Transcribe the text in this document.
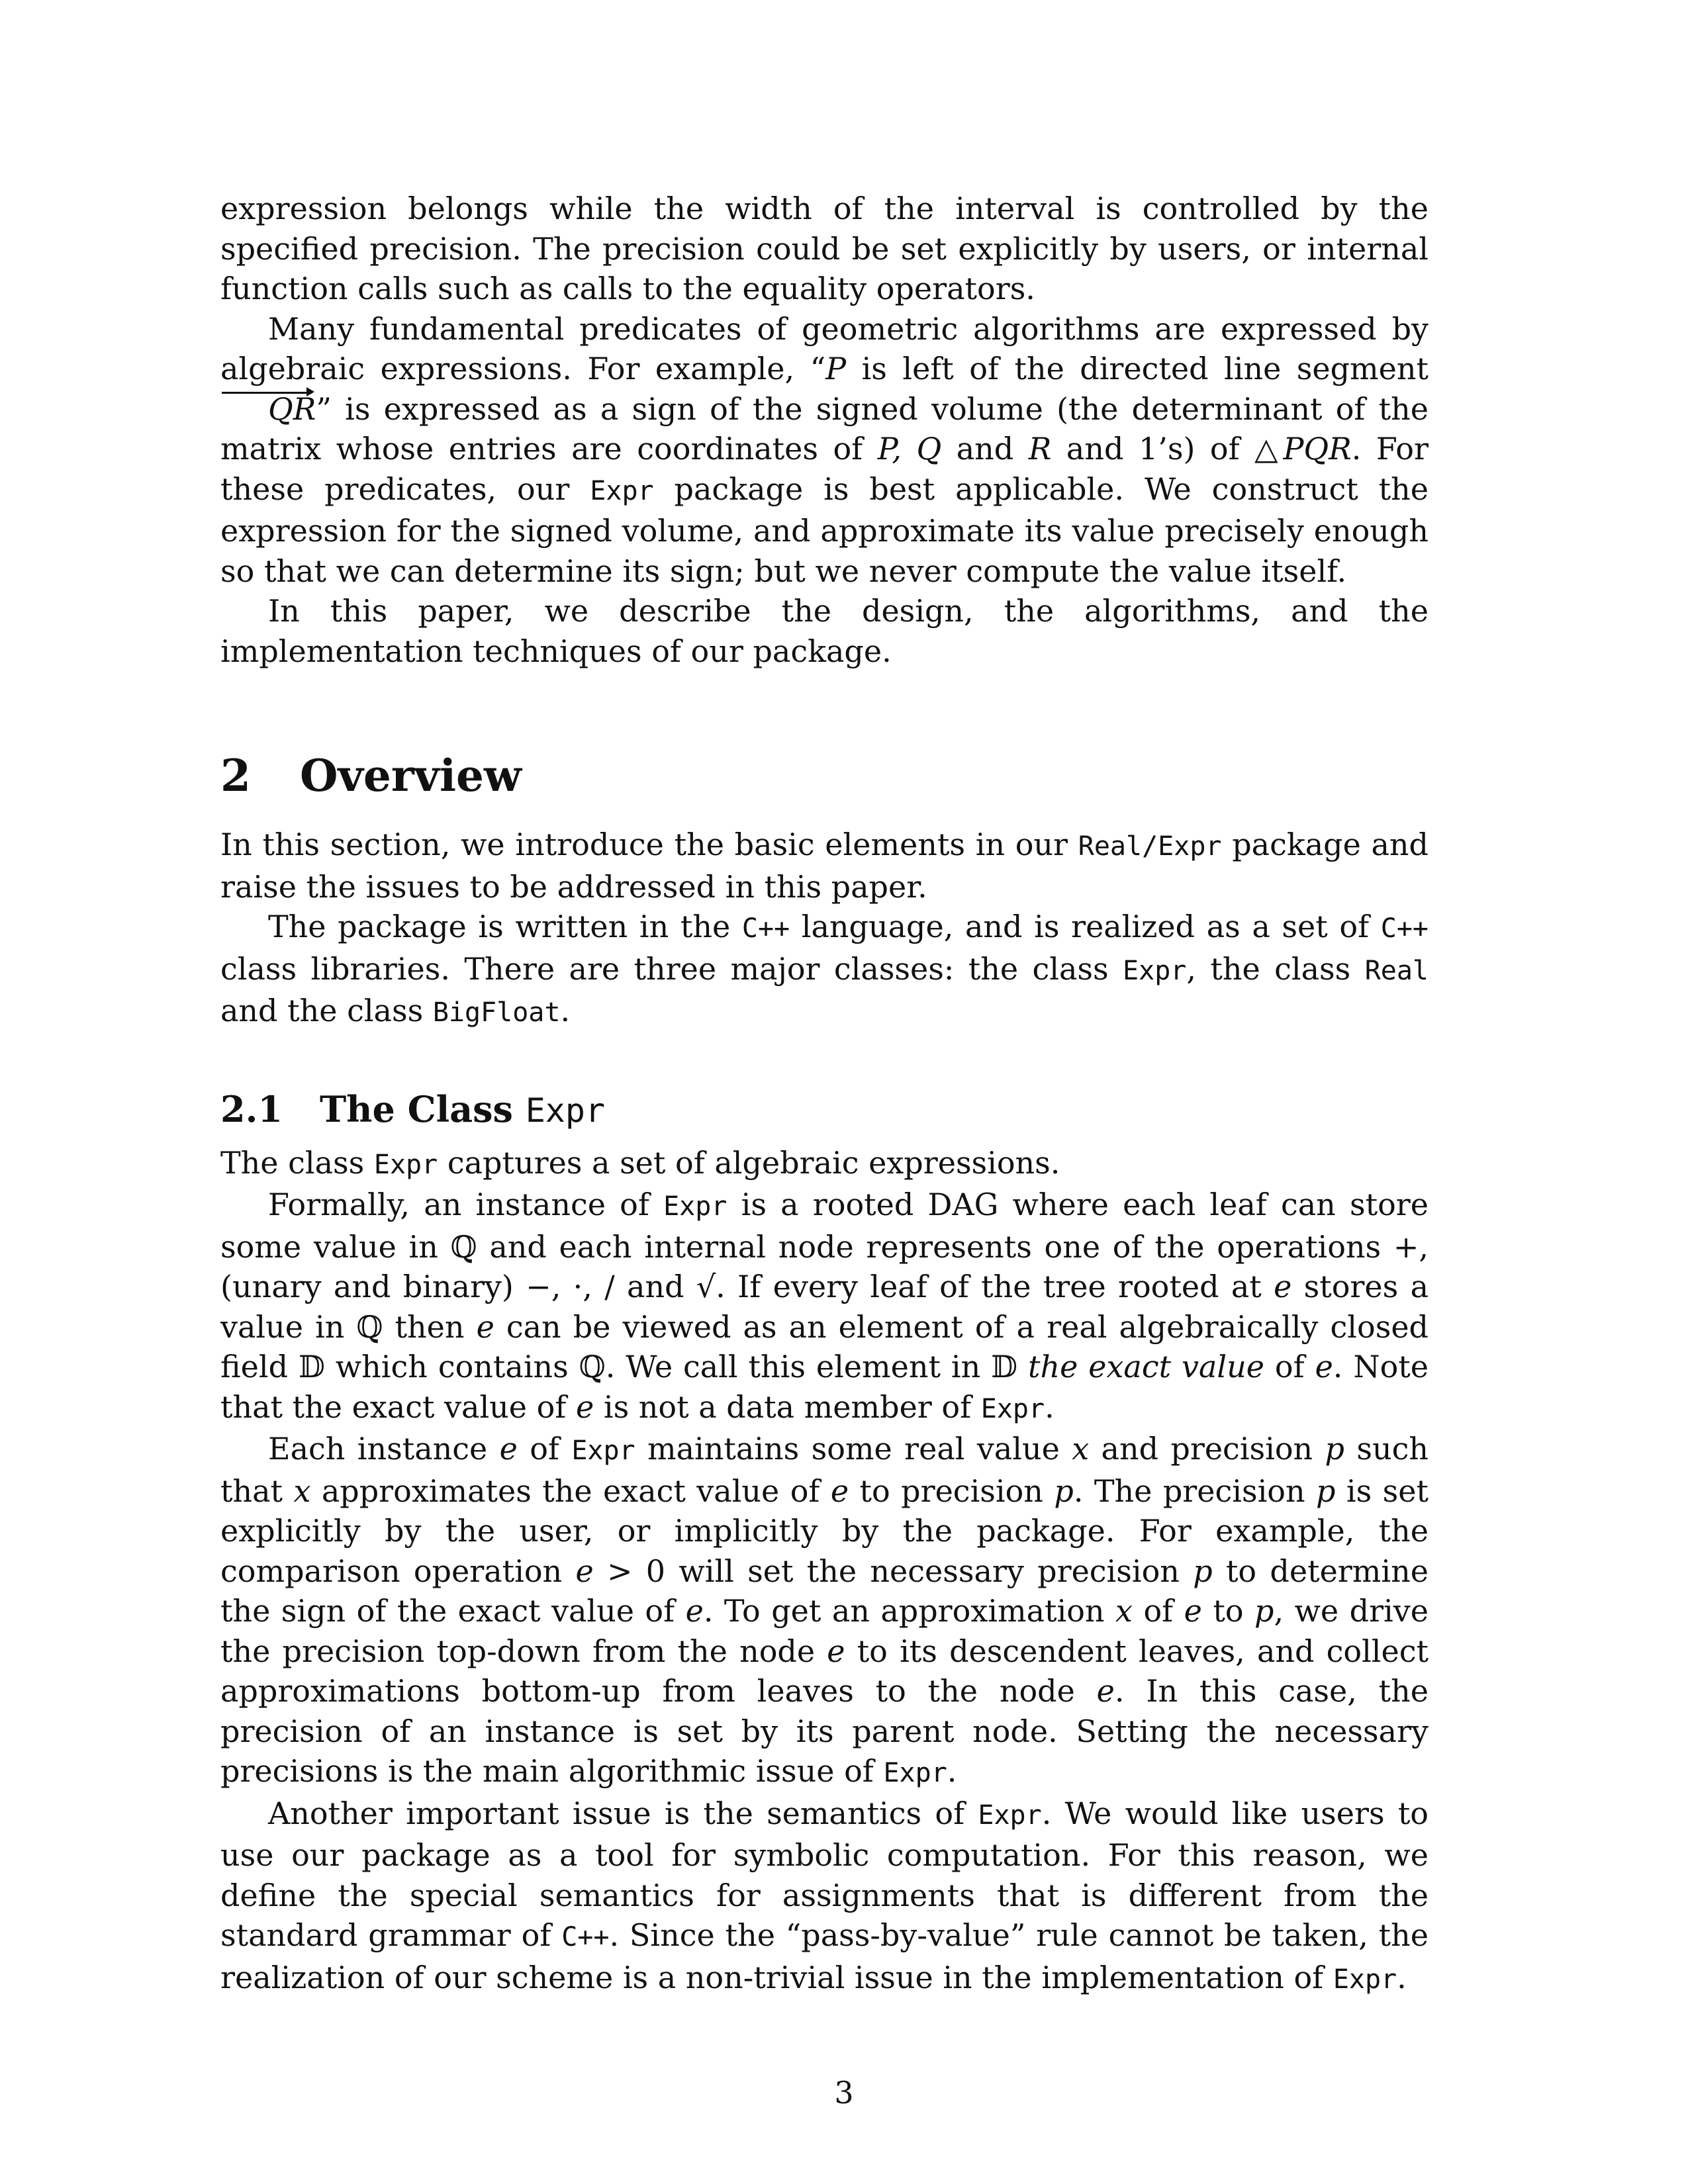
expression belongs while the width of the interval is controlled by the specified precision. The precision could be set explicitly by users, or internal function calls such as calls to the equality operators.

Many fundamental predicates of geometric algorithms are expressed by algebraic expressions. For example, “P is left of the directed line segment QR” is expressed as a sign of the signed volume (the determinant of the matrix whose entries are coordinates of P, Q and R and 1’s) of △PQR. For these predicates, our Expr package is best applicable. We construct the expression for the signed volume, and approximate its value precisely enough so that we can determine its sign; but we never compute the value itself.

In this paper, we describe the design, the algorithms, and the implementation techniques of our package.

2 Overview

In this section, we introduce the basic elements in our Real/Expr package and raise the issues to be addressed in this paper.

The package is written in the C++ language, and is realized as a set of C++ class libraries. There are three major classes: the class Expr, the class Real and the class BigFloat.

2.1 The Class Expr

The class Expr captures a set of algebraic expressions.

Formally, an instance of Expr is a rooted DAG where each leaf can store some value in ℚ and each internal node represents one of the operations +, (unary and binary) −, ·, / and √. If every leaf of the tree rooted at e stores a value in ℚ then e can be viewed as an element of a real algebraically closed field 𝔻 which contains ℚ. We call this element in 𝔻 the exact value of e. Note that the exact value of e is not a data member of Expr.

Each instance e of Expr maintains some real value x and precision p such that x approximates the exact value of e to precision p. The precision p is set explicitly by the user, or implicitly by the package. For example, the comparison operation e > 0 will set the necessary precision p to determine the sign of the exact value of e. To get an approximation x of e to p, we drive the precision top-down from the node e to its descendent leaves, and collect approximations bottom-up from leaves to the node e. In this case, the precision of an instance is set by its parent node. Setting the necessary precisions is the main algorithmic issue of Expr.

Another important issue is the semantics of Expr. We would like users to use our package as a tool for symbolic computation. For this reason, we define the special semantics for assignments that is different from the standard grammar of C++. Since the “pass-by-value” rule cannot be taken, the realization of our scheme is a non-trivial issue in the implementation of Expr.

3
